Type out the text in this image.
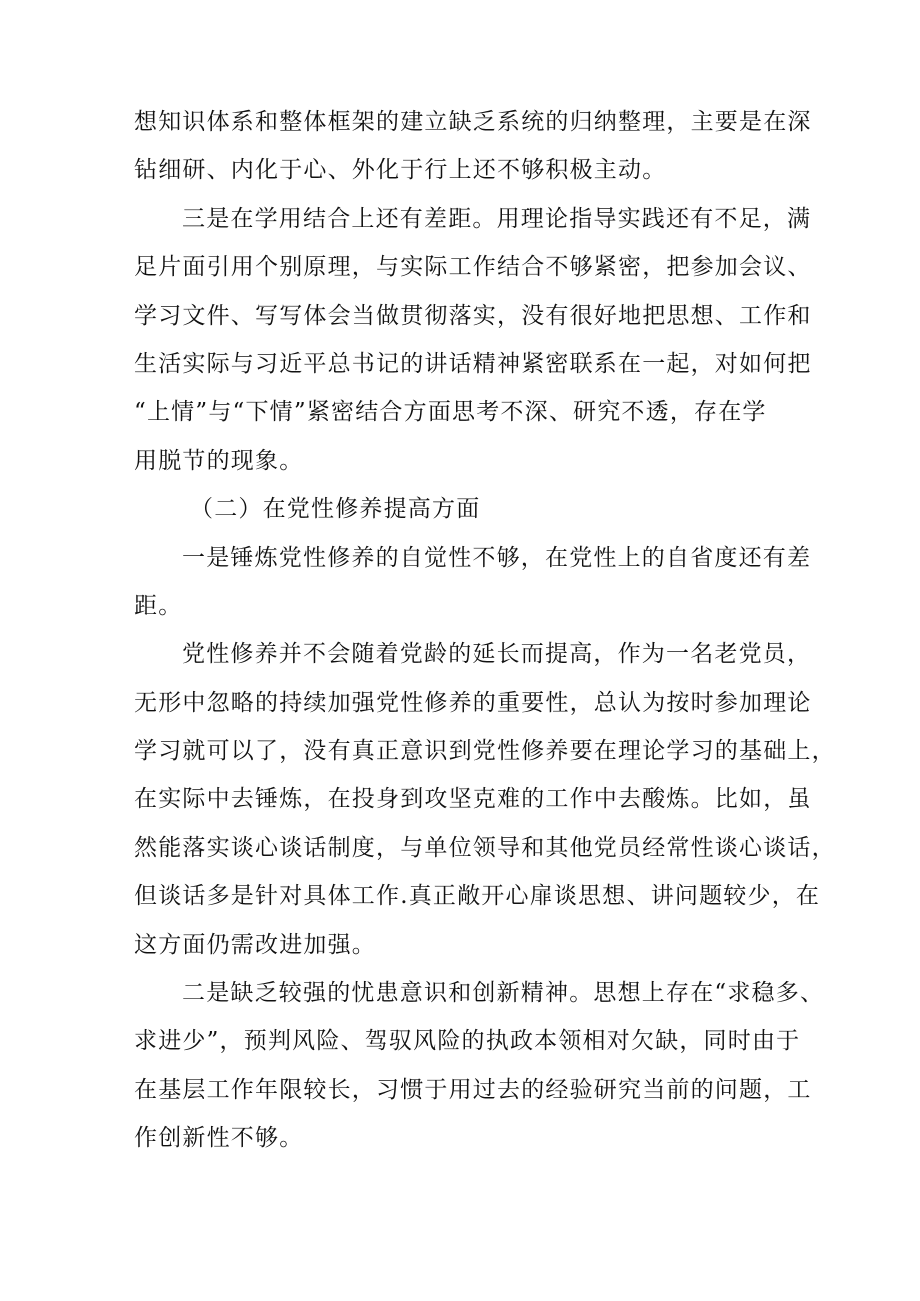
想知识体系和整体框架的建立缺乏系统的归纳整理，主要是在深
钻细研、内化于心、外化于行上还不够积极主动。
三是在学用结合上还有差距。用理论指导实践还有不足，满
足片面引用个别原理，与实际工作结合不够紧密，把参加会议、
学习文件、写写体会当做贯彻落实，没有很好地把思想、工作和
生活实际与习近平总书记的讲话精神紧密联系在一起，对如何把
“上情”与“下情”紧密结合方面思考不深、研究不透，存在学
用脱节的现象。
（二）在党性修养提高方面
一是锤炼党性修养的自觉性不够，在党性上的自省度还有差
距。
党性修养并不会随着党龄的延长而提高，作为一名老党员，
无形中忽略的持续加强党性修养的重要性，总认为按时参加理论
学习就可以了，没有真正意识到党性修养要在理论学习的基础上，
在实际中去锤炼，在投身到攻坚克难的工作中去酸炼。比如，虽
然能落实谈心谈话制度，与单位领导和其他党员经常性谈心谈话，
但谈话多是针对具体工作.真正敞开心扉谈思想、讲问题较少，在
这方面仍需改进加强。
二是缺乏较强的忧患意识和创新精神。思想上存在“求稳多、
求进少”，预判风险、驾驭风险的执政本领相对欠缺，同时由于
在基层工作年限较长，习惯于用过去的经验研究当前的问题，工
作创新性不够。
